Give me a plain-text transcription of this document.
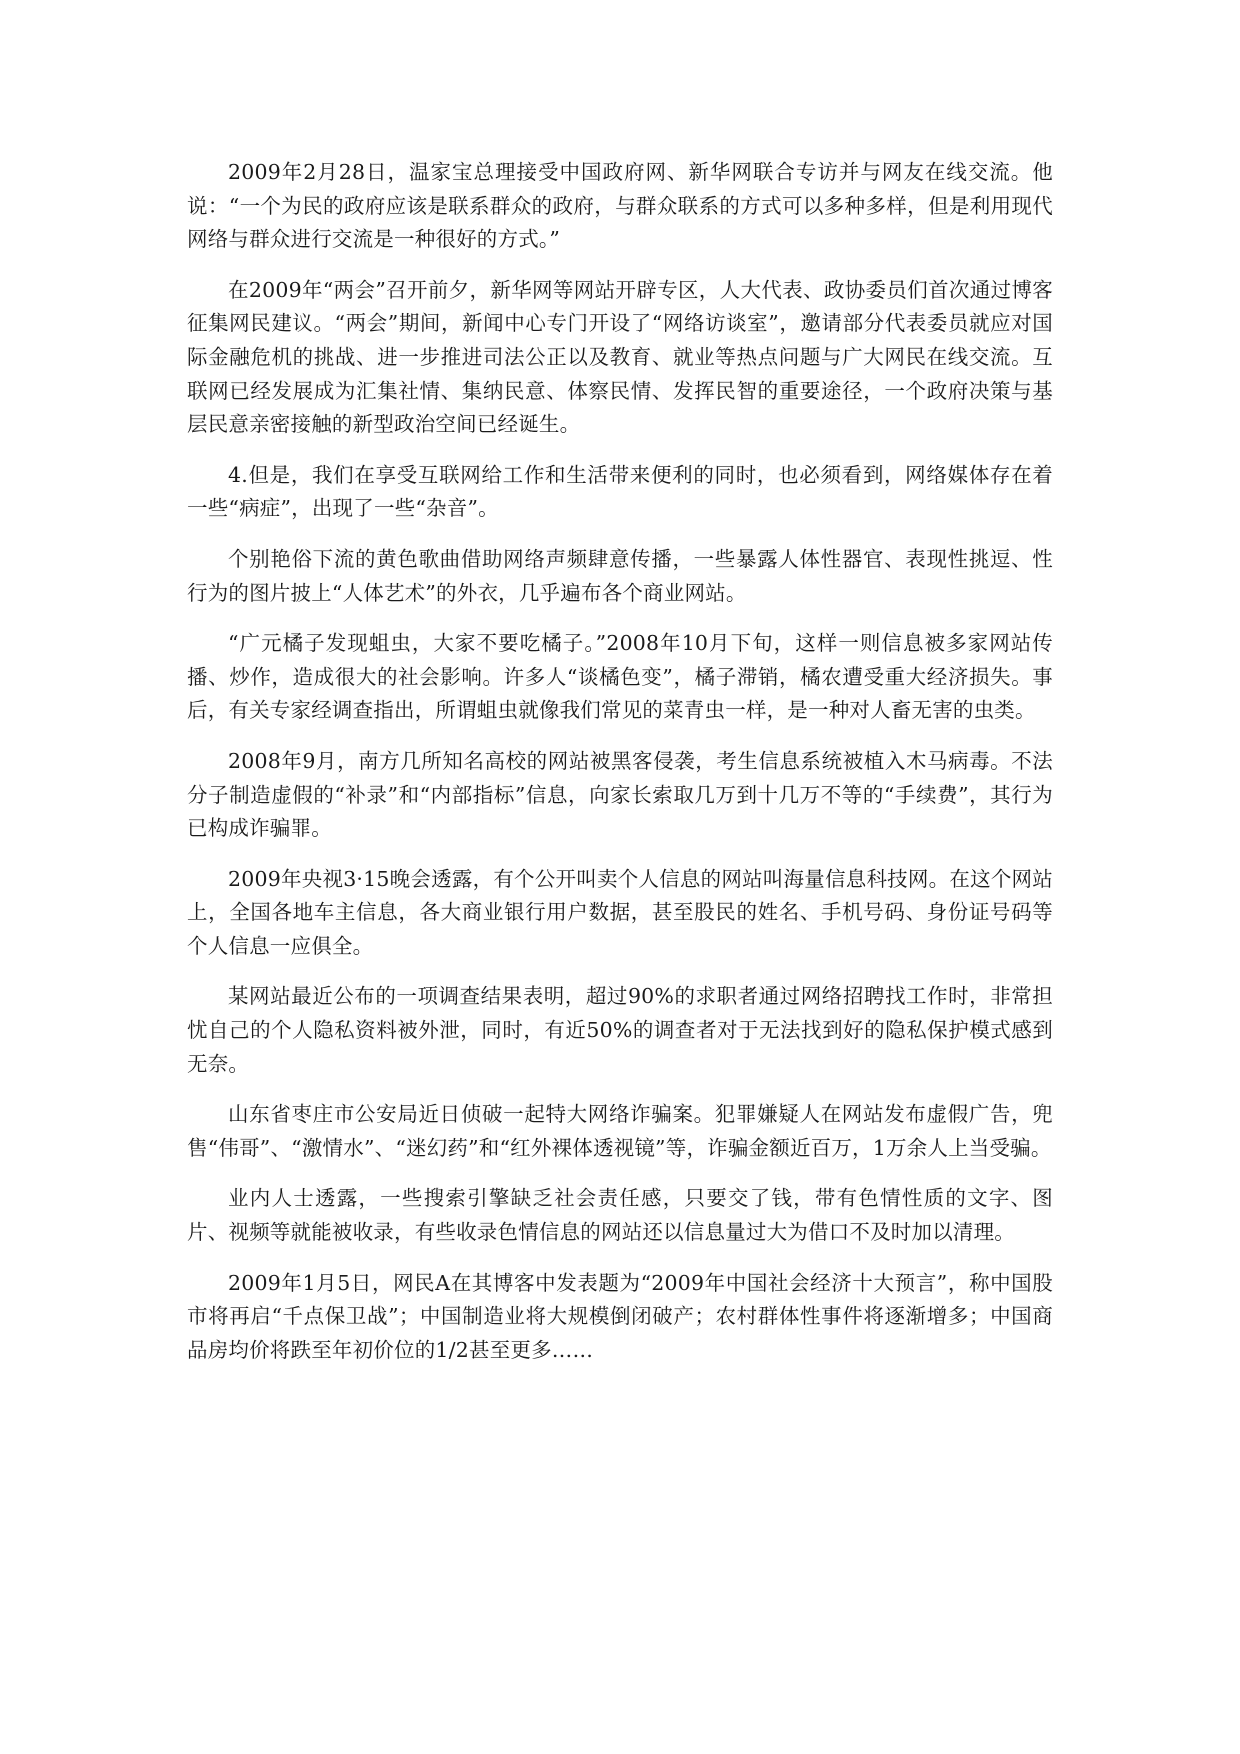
2009年2月28日，温家宝总理接受中国政府网、新华网联合专访并与网友在线交流。他说：“一个为民的政府应该是联系群众的政府，与群众联系的方式可以多种多样，但是利用现代网络与群众进行交流是一种很好的方式。”

在2009年“两会”召开前夕，新华网等网站开辟专区，人大代表、政协委员们首次通过博客征集网民建议。“两会”期间，新闻中心专门开设了“网络访谈室”，邀请部分代表委员就应对国际金融危机的挑战、进一步推进司法公正以及教育、就业等热点问题与广大网民在线交流。互联网已经发展成为汇集社情、集纳民意、体察民情、发挥民智的重要途径，一个政府决策与基层民意亲密接触的新型政治空间已经诞生。

4.但是，我们在享受互联网给工作和生活带来便利的同时，也必须看到，网络媒体存在着一些“病症”，出现了一些“杂音”。

个别艳俗下流的黄色歌曲借助网络声频肆意传播，一些暴露人体性器官、表现性挑逗、性行为的图片披上“人体艺术”的外衣，几乎遍布各个商业网站。

“广元橘子发现蛆虫，大家不要吃橘子。”2008年10月下旬，这样一则信息被多家网站传播、炒作，造成很大的社会影响。许多人“谈橘色变”，橘子滞销，橘农遭受重大经济损失。事后，有关专家经调查指出，所谓蛆虫就像我们常见的菜青虫一样，是一种对人畜无害的虫类。

2008年9月，南方几所知名高校的网站被黑客侵袭，考生信息系统被植入木马病毒。不法分子制造虚假的“补录”和“内部指标”信息，向家长索取几万到十几万不等的“手续费”，其行为已构成诈骗罪。

2009年央视3·15晚会透露，有个公开叫卖个人信息的网站叫海量信息科技网。在这个网站上，全国各地车主信息，各大商业银行用户数据，甚至股民的姓名、手机号码、身份证号码等个人信息一应俱全。

某网站最近公布的一项调查结果表明，超过90%的求职者通过网络招聘找工作时，非常担忧自己的个人隐私资料被外泄，同时，有近50%的调查者对于无法找到好的隐私保护模式感到无奈。

山东省枣庄市公安局近日侦破一起特大网络诈骗案。犯罪嫌疑人在网站发布虚假广告，兜售“伟哥”、“激情水”、“迷幻药”和“红外裸体透视镜”等，诈骗金额近百万，1万余人上当受骗。

业内人士透露，一些搜索引擎缺乏社会责任感，只要交了钱，带有色情性质的文字、图片、视频等就能被收录，有些收录色情信息的网站还以信息量过大为借口不及时加以清理。

2009年1月5日，网民A在其博客中发表题为“2009年中国社会经济十大预言”，称中国股市将再启“千点保卫战”；中国制造业将大规模倒闭破产；农村群体性事件将逐渐增多；中国商品房均价将跌至年初价位的1/2甚至更多……
